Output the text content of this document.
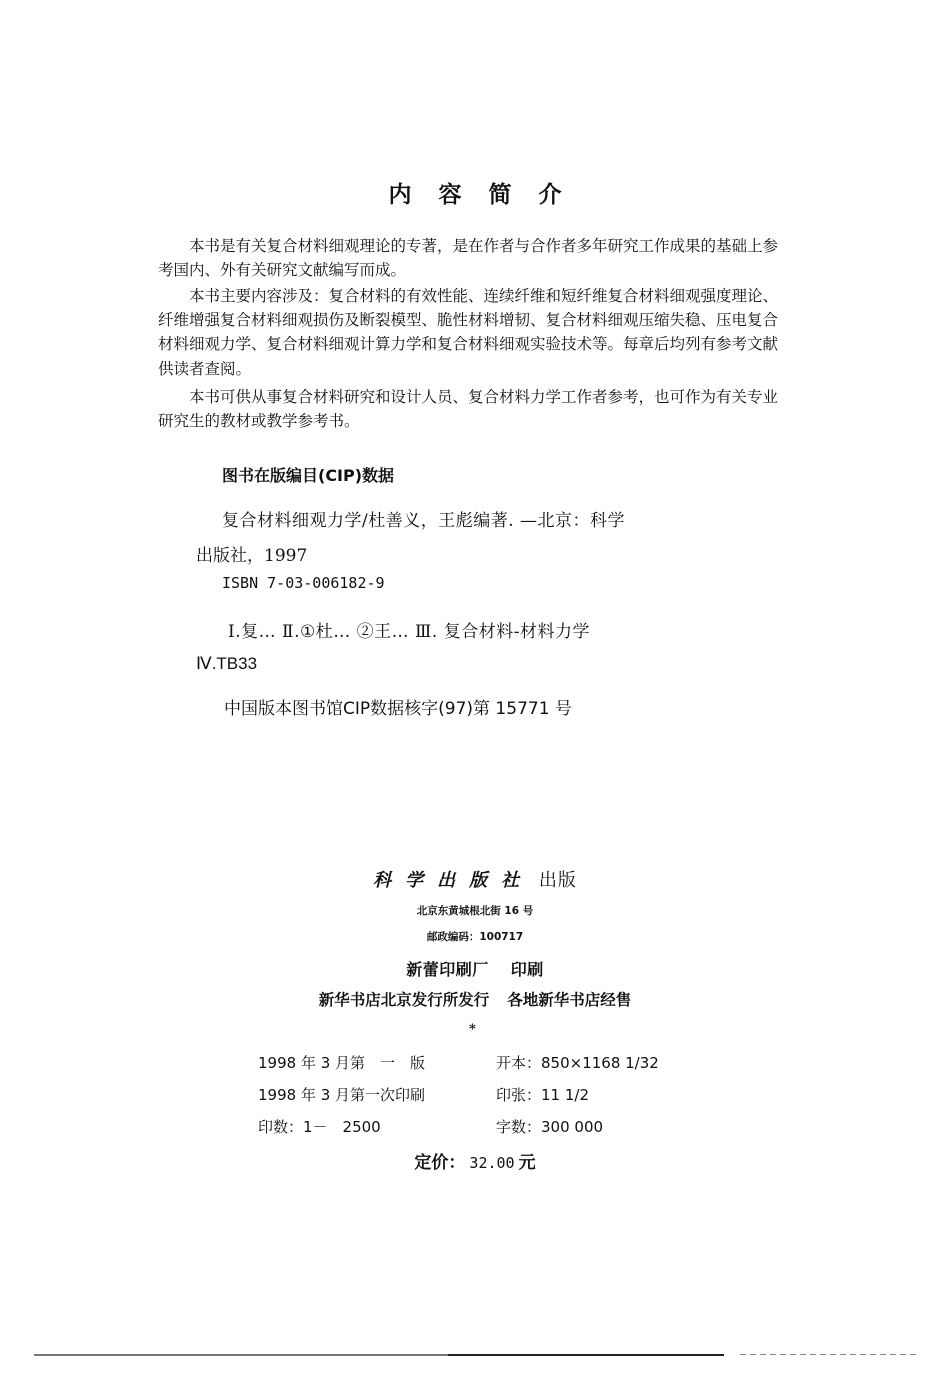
内容简介
本书是有关复合材料细观理论的专著，是在作者与合作者多年研究工作成果的基础上参考国内、外有关研究文献编写而成。
本书主要内容涉及：复合材料的有效性能、连续纤维和短纤维复合材料细观强度理论、纤维增强复合材料细观损伤及断裂模型、脆性材料增韧、复合材料细观压缩失稳、压电复合材料细观力学、复合材料细观计算力学和复合材料细观实验技术等。每章后均列有参考文献供读者查阅。
本书可供从事复合材料研究和设计人员、复合材料力学工作者参考，也可作为有关专业研究生的教材或教学参考书。
图书在版编目(CIP)数据
复合材料细观力学/杜善义，王彪编著. —北京：科学
出版社，1997
ISBN 7-03-006182-9
Ⅰ.复… Ⅱ.①杜… ②王… Ⅲ. 复合材料-材料力学
Ⅳ.TB33
中国版本图书馆CIP数据核字(97)第 15771 号
科学出版社 出版
北京东黄城根北街 16 号
邮政编码：100717
新蕾印刷厂 印刷
新华书店北京发行所发行 各地新华书店经售
*
1998 年 3 月第　一　版	开本：850×1168 1/32
1998 年 3 月第一次印刷	印张：11 1/2
印数：1－　2500	字数：300 000
定价： 32.00 元
